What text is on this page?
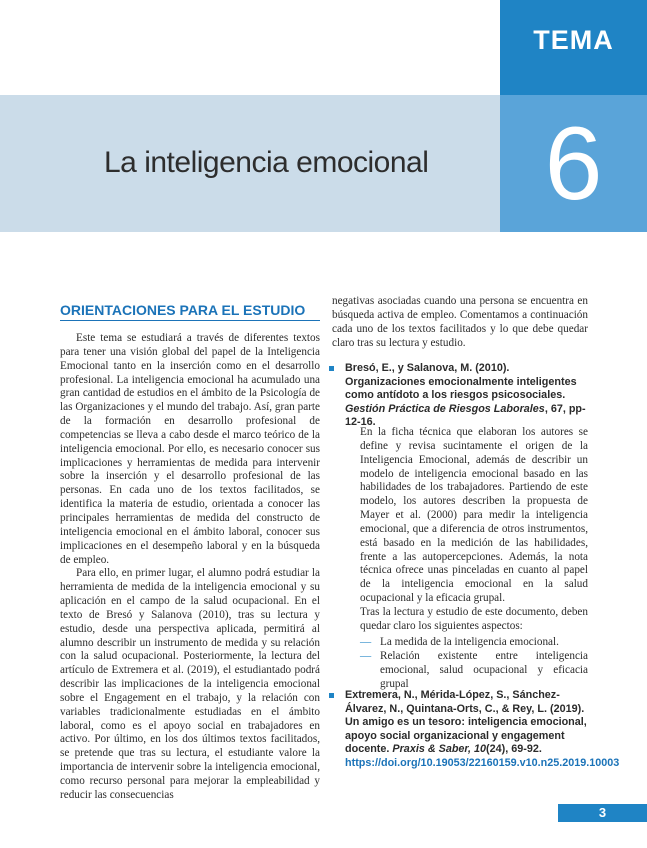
TEMA
La inteligencia emocional	6
ORIENTACIONES PARA EL ESTUDIO

Este tema se estudiará a través de diferentes textos para tener una visión global del papel de la Inteligencia Emocional tanto en la inserción como en el desarrollo profesional. La inteligencia emocional ha acumulado una gran cantidad de estudios en el ámbito de la Psicología de las Organizaciones y el mundo del trabajo. Así, gran parte de la formación en desarrollo profesional de competencias se lleva a cabo desde el marco teórico de la inteligencia emocional. Por ello, es necesario conocer sus implicaciones y herramientas de medida para intervenir sobre la inserción y el desarrollo profesional de las personas. En cada uno de los textos facilitados, se identifica la materia de estudio, orientada a conocer las principales herramientas de medida del constructo de inteligencia emocional en el ámbito laboral, conocer sus implicaciones en el desempeño laboral y en la búsqueda de empleo.

Para ello, en primer lugar, el alumno podrá estudiar la herramienta de medida de la inteligencia emocional y su aplicación en el campo de la salud ocupacional. En el texto de Bresó y Salanova (2010), tras su lectura y estudio, desde una perspectiva aplicada, permitirá al alumno describir un instrumento de medida y su relación con la salud ocupacional. Posteriormente, la lectura del artículo de Extremera et al. (2019), el estudiantado podrá describir las implicaciones de la inteligencia emocional sobre el Engagement en el trabajo, y la relación con variables tradicionalmente estudiadas en el ámbito laboral, como es el apoyo social en trabajadores en activo. Por último, en los dos últimos textos facilitados, se pretende que tras su lectura, el estudiante valore la importancia de intervenir sobre la inteligencia emocional, como recurso personal para mejorar la empleabilidad y reducir las consecuencias

negativas asociadas cuando una persona se encuentra en búsqueda activa de empleo. Comentamos a continuación cada uno de los textos facilitados y lo que debe quedar claro tras su lectura y estudio.

Bresó, E., y Salanova, M. (2010). Organizaciones emocionalmente inteligentes como antídoto a los riesgos psicosociales. Gestión Práctica de Riesgos Laborales, 67, pp-12-16.

En la ficha técnica que elaboran los autores se define y revisa sucintamente el origen de la Inteligencia Emocional, además de describir un modelo de inteligencia emocional basado en las habilidades de los trabajadores. Partiendo de este modelo, los autores describen la propuesta de Mayer et al. (2000) para medir la inteligencia emocional, que a diferencia de otros instrumentos, está basado en la medición de las habilidades, frente a las autopercepciones. Además, la nota técnica ofrece unas pinceladas en cuanto al papel de la inteligencia emocional en la salud ocupacional y la eficacia grupal.

Tras la lectura y estudio de este documento, deben quedar claro los siguientes aspectos:

— La medida de la inteligencia emocional.
— Relación existente entre inteligencia emocional, salud ocupacional y eficacia grupal
Extremera, N., Mérida-López, S., Sánchez-Álvarez, N., Quintana-Orts, C., & Rey, L. (2019). Un amigo es un tesoro: inteligencia emocional, apoyo social organizacional y engagement docente. Praxis & Saber, 10(24), 69-92. https://doi.org/10.19053/22160159.v10.n25.2019.10003
3
